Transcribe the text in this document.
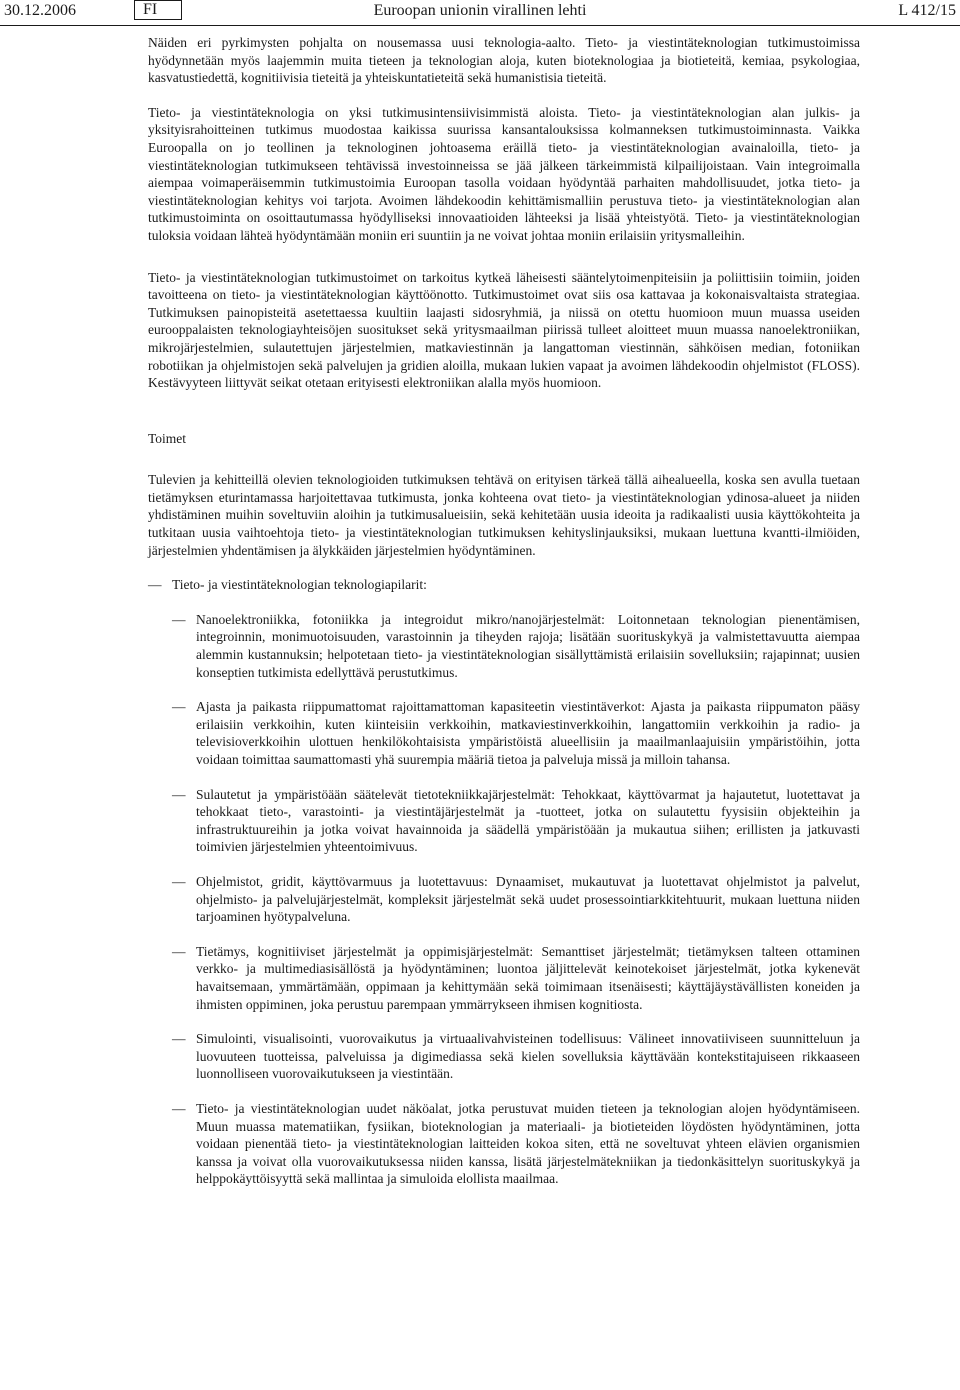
30.12.2006	FI	Euroopan unionin virallinen lehti	L 412/15

Näiden eri pyrkimysten pohjalta on nousemassa uusi teknologia-aalto. Tieto- ja viestintäteknologian tutkimustoimissa hyödynnetään myös laajemmin muita tieteen ja teknologian aloja, kuten bioteknologiaa ja biotieteitä, kemiaa, psykologiaa, kasvatustiedettä, kognitiivisia tieteitä ja yhteiskuntatieteitä sekä humanistisia tieteitä.

Tieto- ja viestintäteknologia on yksi tutkimusintensiivisimmistä aloista. Tieto- ja viestintäteknologian alan julkis- ja yksityisrahoitteinen tutkimus muodostaa kaikissa suurissa kansantalouksissa kolmanneksen tutkimustoiminnasta. Vaikka Euroopalla on jo teollinen ja teknologinen johtoasema eräillä tieto- ja viestintäteknologian avainaloilla, tieto- ja viestintäteknologian tutkimukseen tehtävissä investoinneissa se jää jälkeen tärkeimmistä kilpailijoistaan. Vain integroimalla aiempaa voimaperäisemmin tutkimustoimia Euroopan tasolla voidaan hyödyntää parhaiten mahdollisuudet, jotka tieto- ja viestintäteknologian kehitys voi tarjota. Avoimen lähdekoodin kehittämismalliin perustuva tieto- ja viestintäteknologian alan tutkimustoiminta on osoittautumassa hyödylliseksi innovaatioiden lähteeksi ja lisää yhteistyötä. Tieto- ja viestintäteknologian tuloksia voidaan lähteä hyödyntämään moniin eri suuntiin ja ne voivat johtaa moniin erilaisiin yritysmalleihin.

Tieto- ja viestintäteknologian tutkimustoimet on tarkoitus kytkeä läheisesti sääntelytoimenpiteisiin ja poliittisiin toimiin, joiden tavoitteena on tieto- ja viestintäteknologian käyttöönotto. Tutkimustoimet ovat siis osa kattavaa ja kokonaisvaltaista strategiaa. Tutkimuksen painopisteitä asetettaessa kuultiin laajasti sidosryhmiä, ja niissä on otettu huomioon muun muassa useiden eurooppalaisten teknologiayhteisöjen suositukset sekä yritysmaailman piirissä tulleet aloitteet muun muassa nanoelektroniikan, mikrojärjestelmien, sulautettujen järjestelmien, matkaviestinnän ja langattoman viestinnän, sähköisen median, fotoniikan robotiikan ja ohjelmistojen sekä palvelujen ja gridien aloilla, mukaan lukien vapaat ja avoimen lähdekoodin ohjelmistot (FLOSS). Kestävyyteen liittyvät seikat otetaan erityisesti elektroniikan alalla myös huomioon.

Toimet

Tulevien ja kehitteillä olevien teknologioiden tutkimuksen tehtävä on erityisen tärkeä tällä aihealueella, koska sen avulla tuetaan tietämyksen eturintamassa harjoitettavaa tutkimusta, jonka kohteena ovat tieto- ja viestintäteknologian ydinosa-alueet ja niiden yhdistäminen muihin soveltuviin aloihin ja tutkimusalueisiin, sekä kehitetään uusia ideoita ja radikaalisti uusia käyttökohteita ja tutkitaan uusia vaihtoehtoja tieto- ja viestintäteknologian tutkimuksen kehityslinjauksiksi, mukaan luettuna kvantti-ilmiöiden, järjestelmien yhdentämisen ja älykkäiden järjestelmien hyödyntäminen.

— Tieto- ja viestintäteknologian teknologiapilarit:
— Nanoelektroniikka, fotoniikka ja integroidut mikro/nanojärjestelmät: Loitonnetaan teknologian pienentämisen, integroinnin, monimuotoisuuden, varastoinnin ja tiheyden rajoja; lisätään suorituskykyä ja valmistettavuutta aiempaa alemmin kustannuksin; helpotetaan tieto- ja viestintäteknologian sisällyttämistä erilaisiin sovelluksiin; rajapinnat; uusien konseptien tutkimista edellyttävä perustutkimus.
— Ajasta ja paikasta riippumattomat rajoittamattoman kapasiteetin viestintäverkot: Ajasta ja paikasta riippumaton pääsy erilaisiin verkkoihin, kuten kiinteisiin verkkoihin, matkaviestinverkkoihin, langattomiin verkkoihin ja radio- ja televisioverkkoihin ulottuen henkilökohtaisista ympäristöistä alueellisiin ja maailmanlaajuisiin ympäristöihin, jotta voidaan toimittaa saumattomasti yhä suurempia määriä tietoa ja palveluja missä ja milloin tahansa.
— Sulautetut ja ympäristöään säätelevät tietotekniikkajärjestelmät: Tehokkaat, käyttövarmat ja hajautetut, luotettavat ja tehokkaat tieto-, varastointi- ja viestintäjärjestelmät ja -tuotteet, jotka on sulautettu fyysisiin objekteihin ja infrastruktuureihin ja jotka voivat havainnoida ja säädellä ympäristöään ja mukautua siihen; erillisten ja jatkuvasti toimivien järjestelmien yhteentoimivuus.
— Ohjelmistot, gridit, käyttövarmuus ja luotettavuus: Dynaamiset, mukautuvat ja luotettavat ohjelmistot ja palvelut, ohjelmisto- ja palvelujärjestelmät, kompleksit järjestelmät sekä uudet prosessointiarkkitehtuurit, mukaan luettuna niiden tarjoaminen hyötypalveluna.
— Tietämys, kognitiiviset järjestelmät ja oppimisjärjestelmät: Semanttiset järjestelmät; tietämyksen talteen ottaminen verkko- ja multimediasisällöstä ja hyödyntäminen; luontoa jäljittelevät keinotekoiset järjestelmät, jotka kykenevät havaitsemaan, ymmärtämään, oppimaan ja kehittymään sekä toimimaan itsenäisesti; käyttäjäystävällisten koneiden ja ihmisten oppiminen, joka perustuu parempaan ymmärrykseen ihmisen kognitiosta.
— Simulointi, visualisointi, vuorovaikutus ja virtuaalivahvisteinen todellisuus: Välineet innovatiiviseen suunnitteluun ja luovuuteen tuotteissa, palveluissa ja digimediassa sekä kielen sovelluksia käyttävään kontekstitajuiseen rikkaaseen luonnolliseen vuorovaikutukseen ja viestintään.
— Tieto- ja viestintäteknologian uudet näköalat, jotka perustuvat muiden tieteen ja teknologian alojen hyödyntämiseen. Muun muassa matematiikan, fysiikan, bioteknologian ja materiaali- ja biotieteiden löydösten hyödyntäminen, jotta voidaan pienentää tieto- ja viestintäteknologian laitteiden kokoa siten, että ne soveltuvat yhteen elävien organismien kanssa ja voivat olla vuorovaikutuksessa niiden kanssa, lisätä järjestelmätekniikan ja tiedonkäsittelyn suorituskykyä ja helppokäyttöisyyttä sekä mallintaa ja simuloida elollista maailmaa.
